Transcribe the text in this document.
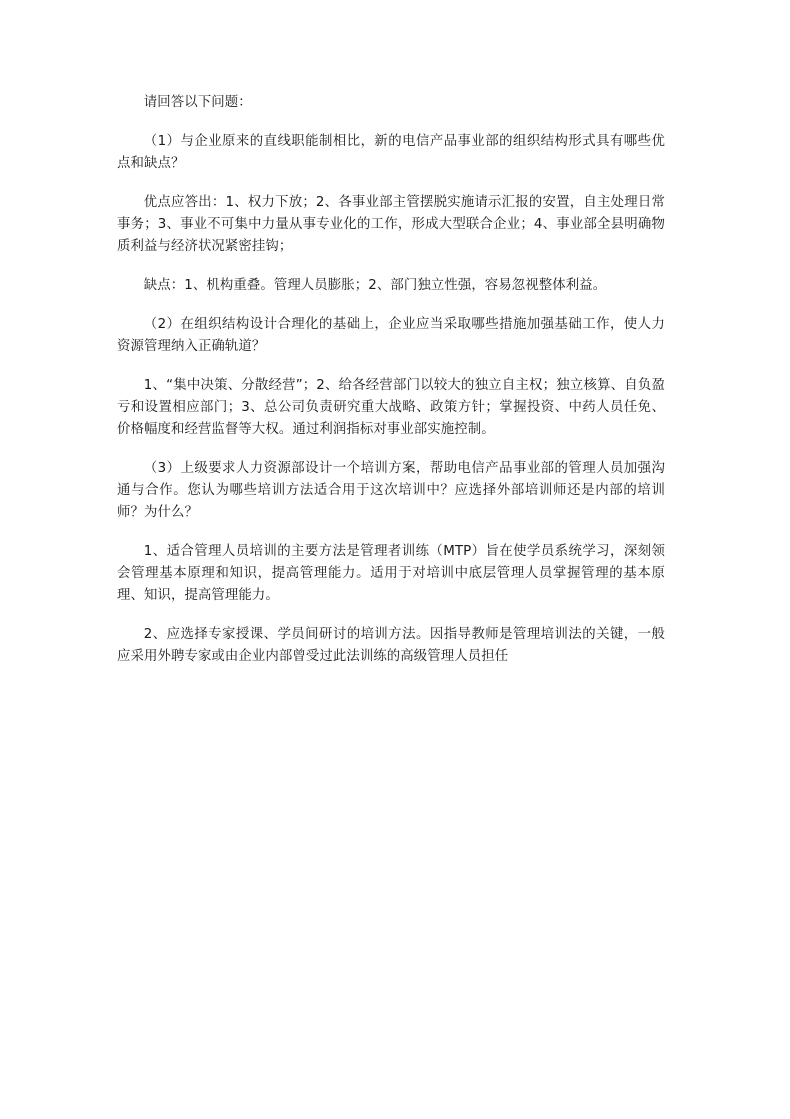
请回答以下问题：

（1）与企业原来的直线职能制相比，新的电信产品事业部的组织结构形式具有哪些优点和缺点？

优点应答出：1、权力下放；2、各事业部主管摆脱实施请示汇报的安置，自主处理日常事务；3、事业不可集中力量从事专业化的工作，形成大型联合企业；4、事业部全县明确物质利益与经济状况紧密挂钩；

缺点：1、机构重叠。管理人员膨胀；2、部门独立性强，容易忽视整体利益。

（2）在组织结构设计合理化的基础上，企业应当采取哪些措施加强基础工作，使人力资源管理纳入正确轨道？

1、“集中决策、分散经营”；2、给各经营部门以较大的独立自主权；独立核算、自负盈亏和设置相应部门；3、总公司负责研究重大战略、政策方针；掌握投资、中药人员任免、价格幅度和经营监督等大权。通过利润指标对事业部实施控制。

（3）上级要求人力资源部设计一个培训方案，帮助电信产品事业部的管理人员加强沟通与合作。您认为哪些培训方法适合用于这次培训中？应选择外部培训师还是内部的培训师？为什么？

1、适合管理人员培训的主要方法是管理者训练（MTP）旨在使学员系统学习，深刻领会管理基本原理和知识，提高管理能力。适用于对培训中底层管理人员掌握管理的基本原理、知识，提高管理能力。

2、应选择专家授课、学员间研讨的培训方法。因指导教师是管理培训法的关键，一般应采用外聘专家或由企业内部曾受过此法训练的高级管理人员担任
